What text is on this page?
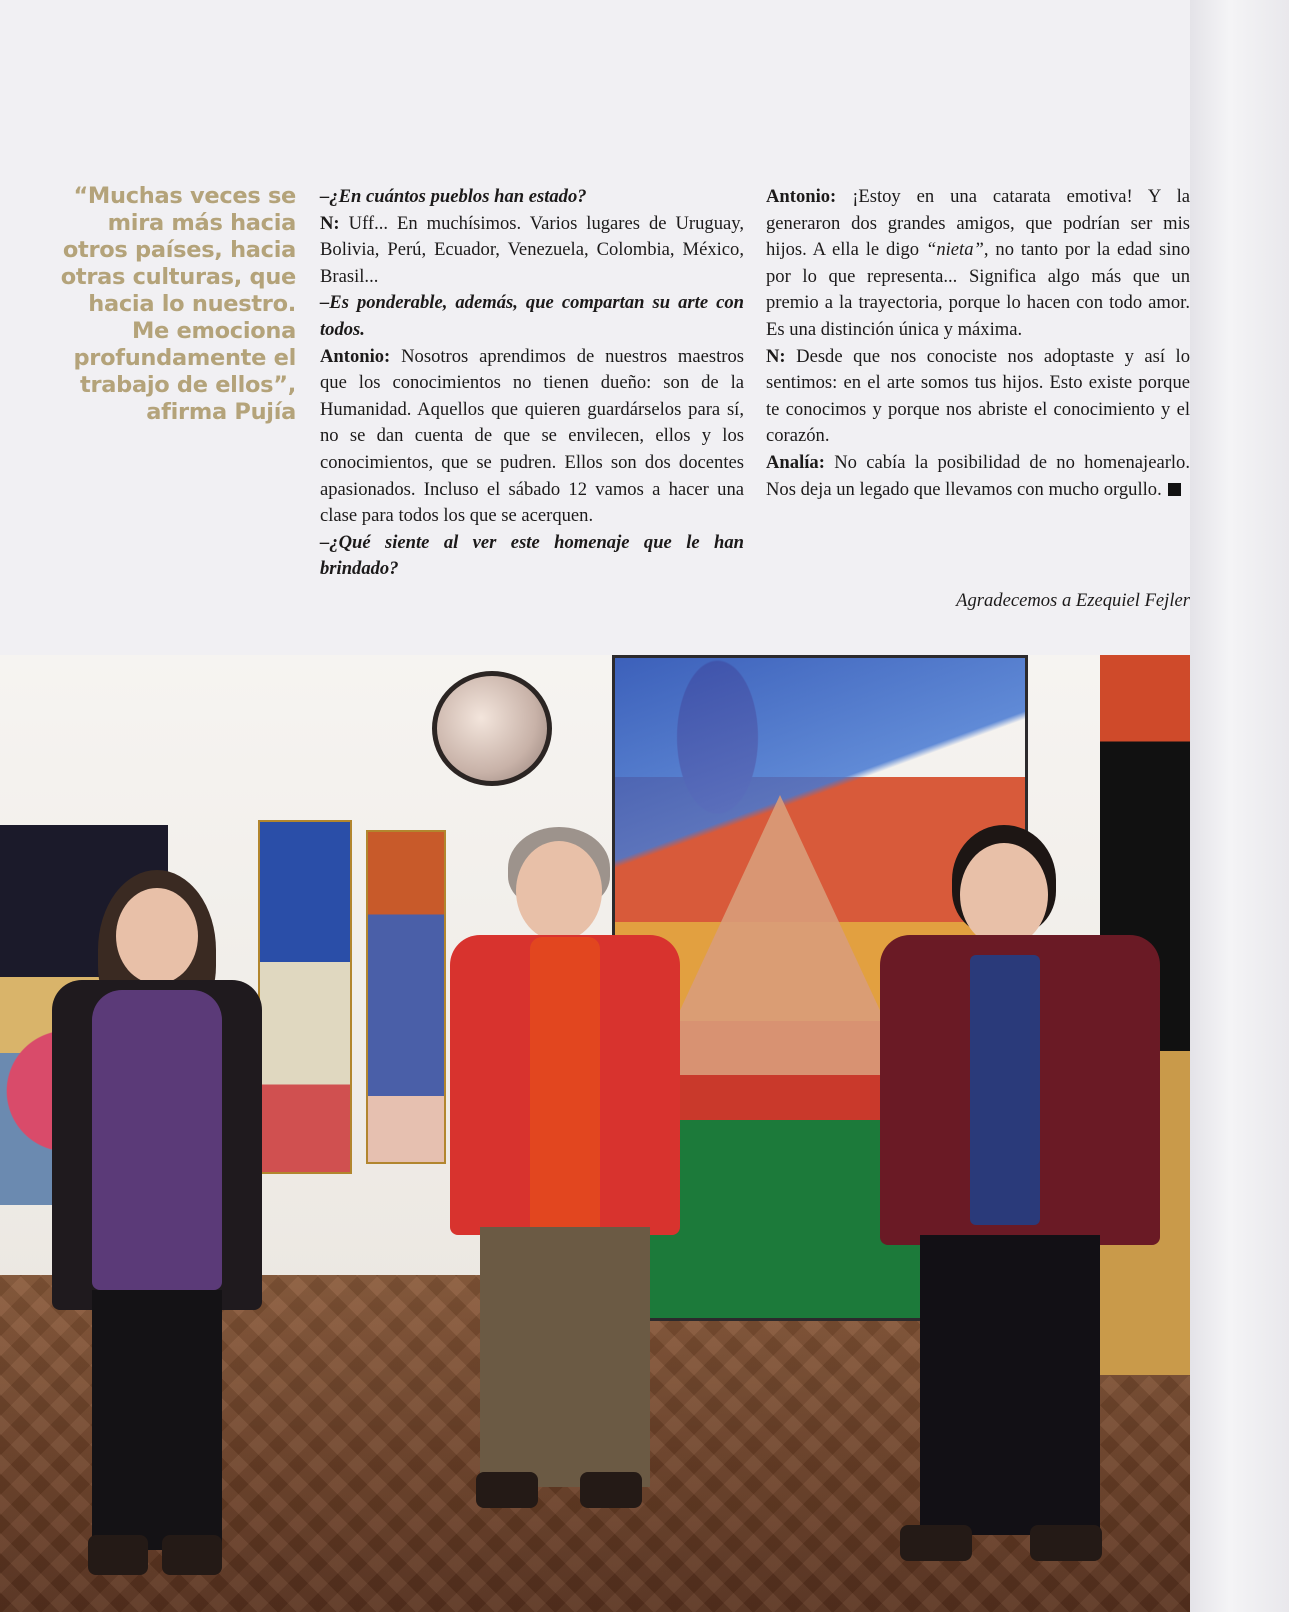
“Muchas veces se mira más hacia otros países, hacia otras culturas, que hacia lo nuestro. Me emociona profundamente el trabajo de ellos”, afirma Pujía

–¿En cuántos pueblos han estado?

N: Uff... En muchísimos. Varios lugares de Uruguay, Bolivia, Perú, Ecuador, Venezuela, Colombia, México, Brasil...

–Es ponderable, además, que compartan su arte con todos.

Antonio: Nosotros aprendimos de nuestros maestros que los conocimientos no tienen dueño: son de la Humanidad. Aquellos que quieren guardárselos para sí, no se dan cuenta de que se envilecen, ellos y los conocimientos, que se pudren. Ellos son dos docentes apasionados. Incluso el sábado 12 vamos a hacer una clase para todos los que se acerquen.

–¿Qué siente al ver este homenaje que le han brindado?

Antonio: ¡Estoy en una catarata emotiva! Y la generaron dos grandes amigos, que podrían ser mis hijos. A ella le digo “nieta”, no tanto por la edad sino por lo que representa... Significa algo más que un premio a la trayectoria, porque lo hacen con todo amor. Es una distinción única y máxima.

N: Desde que nos conociste nos adoptaste y así lo sentimos: en el arte somos tus hijos. Esto existe porque te conocimos y porque nos abriste el conocimiento y el corazón.

Analía: No cabía la posibilidad de no homenajearlo. Nos deja un legado que llevamos con mucho orgullo.

Agradecemos a Ezequiel Fejler
